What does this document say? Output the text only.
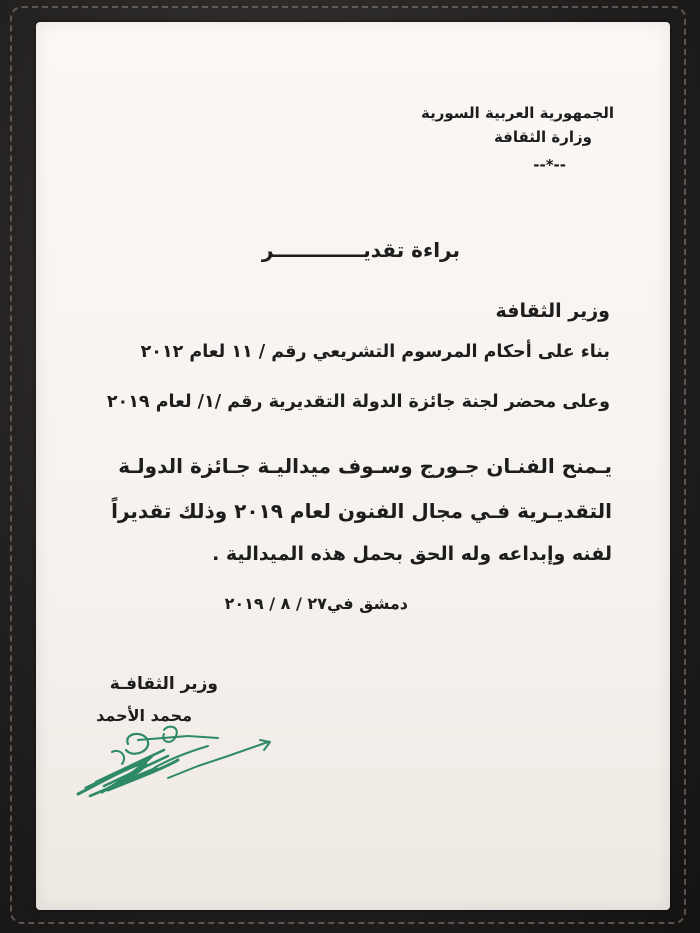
الجمهورية العربية السورية
وزارة الثقافة
--*--
براءة تقديـــــــــــــر
وزير الثقافة
بناء على أحكام المرسوم التشريعي رقم / ١١ لعام ٢٠١٢
وعلى محضر لجنة جائزة الدولة التقديرية رقم /١/ لعام ٢٠١٩
يـمنح الفنـان جـورج وسـوف ميداليـة جـائزة الدولـة
التقديـرية فـي مجال الفنون لعام ٢٠١٩ وذلك تقديراً
لفنه وإبداعه وله الحق بحمل هذه الميدالية .
دمشق في٢٧ / ٨ / ٢٠١٩
وزير الثقافـة
محمد الأحمد
